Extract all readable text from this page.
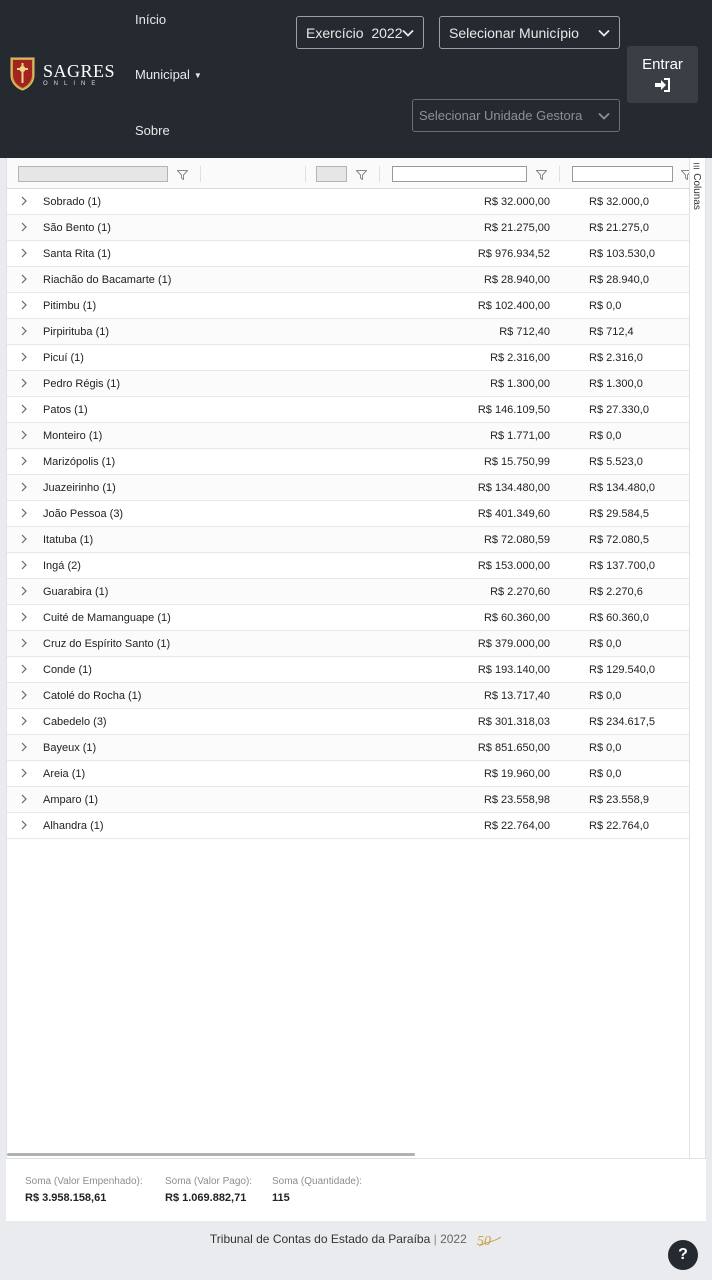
SAGRES
ONLINE
Início
Municipal ▼
Sobre
Exercício  2022	Selecionar Município
Selecionar Unidade Gestora
Entrar
Sobrado (1)	R$ 32.000,00	R$ 32.000,0
São Bento (1)	R$ 21.275,00	R$ 21.275,0
Santa Rita (1)	R$ 976.934,52	R$ 103.530,0
Riachão do Bacamarte (1)	R$ 28.940,00	R$ 28.940,0
Pitimbu (1)	R$ 102.400,00	R$ 0,0
Pirpirituba (1)	R$ 712,40	R$ 712,4
Picuí (1)	R$ 2.316,00	R$ 2.316,0
Pedro Régis (1)	R$ 1.300,00	R$ 1.300,0
Patos (1)	R$ 146.109,50	R$ 27.330,0
Monteiro (1)	R$ 1.771,00	R$ 0,0
Marizópolis (1)	R$ 15.750,99	R$ 5.523,0
Juazeirinho (1)	R$ 134.480,00	R$ 134.480,0
João Pessoa (3)	R$ 401.349,60	R$ 29.584,5
Itatuba (1)	R$ 72.080,59	R$ 72.080,5
Ingá (2)	R$ 153.000,00	R$ 137.700,0
Guarabira (1)	R$ 2.270,60	R$ 2.270,6
Cuité de Mamanguape (1)	R$ 60.360,00	R$ 60.360,0
Cruz do Espírito Santo (1)	R$ 379.000,00	R$ 0,0
Conde (1)	R$ 193.140,00	R$ 129.540,0
Catolé do Rocha (1)	R$ 13.717,40	R$ 0,0
Cabedelo (3)	R$ 301.318,03	R$ 234.617,5
Bayeux (1)	R$ 851.650,00	R$ 0,0
Areia (1)	R$ 19.960,00	R$ 0,0
Amparo (1)	R$ 23.558,98	R$ 23.558,9
Alhandra (1)	R$ 22.764,00	R$ 22.764,0
☰ Colunas
Soma (Valor Empenhado):
R$ 3.958.158,61
Soma (Valor Pago):
R$ 1.069.882,71
Soma (Quantidade):
115
Tribunal de Contas do Estado da Paraíba | 2022 50
?
